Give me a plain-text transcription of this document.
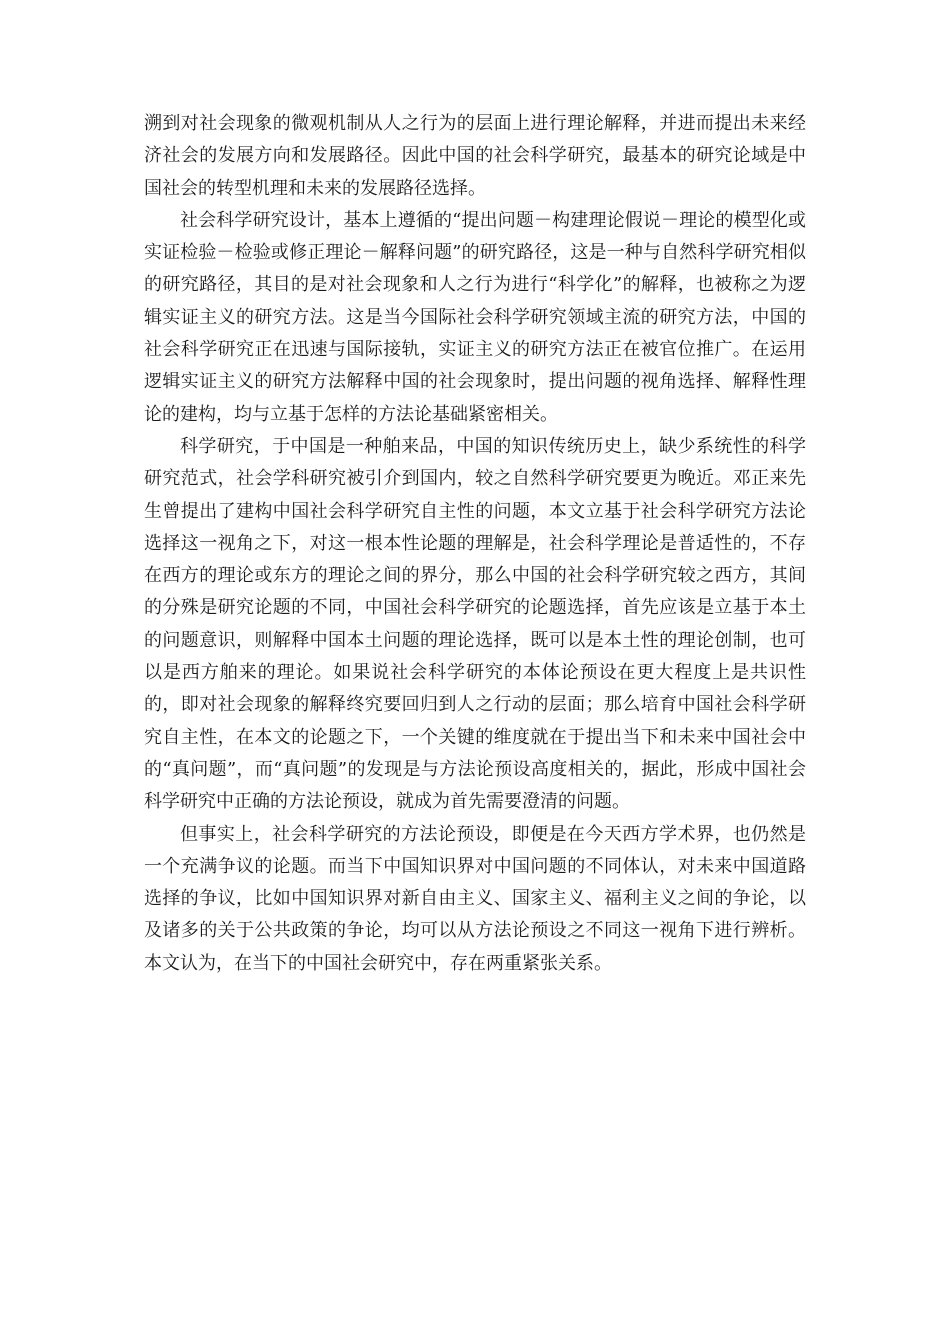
溯到对社会现象的微观机制从人之行为的层面上进行理论解释，并进而提出未来经济社会的发展方向和发展路径。因此中国的社会科学研究，最基本的研究论域是中国社会的转型机理和未来的发展路径选择。

社会科学研究设计，基本上遵循的“提出问题－构建理论假说－理论的模型化或实证检验－检验或修正理论－解释问题”的研究路径，这是一种与自然科学研究相似的研究路径，其目的是对社会现象和人之行为进行“科学化”的解释，也被称之为逻辑实证主义的研究方法。这是当今国际社会科学研究领域主流的研究方法，中国的社会科学研究正在迅速与国际接轨，实证主义的研究方法正在被官位推广。在运用逻辑实证主义的研究方法解释中国的社会现象时，提出问题的视角选择、解释性理论的建构，均与立基于怎样的方法论基础紧密相关。

科学研究，于中国是一种舶来品，中国的知识传统历史上，缺少系统性的科学研究范式，社会学科研究被引介到国内，较之自然科学研究要更为晚近。邓正来先生曾提出了建构中国社会科学研究自主性的问题，本文立基于社会科学研究方法论选择这一视角之下，对这一根本性论题的理解是，社会科学理论是普适性的，不存在西方的理论或东方的理论之间的界分，那么中国的社会科学研究较之西方，其间的分殊是研究论题的不同，中国社会科学研究的论题选择，首先应该是立基于本土的问题意识，则解释中国本土问题的理论选择，既可以是本土性的理论创制，也可以是西方舶来的理论。如果说社会科学研究的本体论预设在更大程度上是共识性的，即对社会现象的解释终究要回归到人之行动的层面；那么培育中国社会科学研究自主性，在本文的论题之下，一个关键的维度就在于提出当下和未来中国社会中的“真问题”，而“真问题”的发现是与方法论预设高度相关的，据此，形成中国社会科学研究中正确的方法论预设，就成为首先需要澄清的问题。

但事实上，社会科学研究的方法论预设，即便是在今天西方学术界，也仍然是一个充满争议的论题。而当下中国知识界对中国问题的不同体认，对未来中国道路选择的争议，比如中国知识界对新自由主义、国家主义、福利主义之间的争论，以及诸多的关于公共政策的争论，均可以从方法论预设之不同这一视角下进行辨析。本文认为，在当下的中国社会研究中，存在两重紧张关系。
